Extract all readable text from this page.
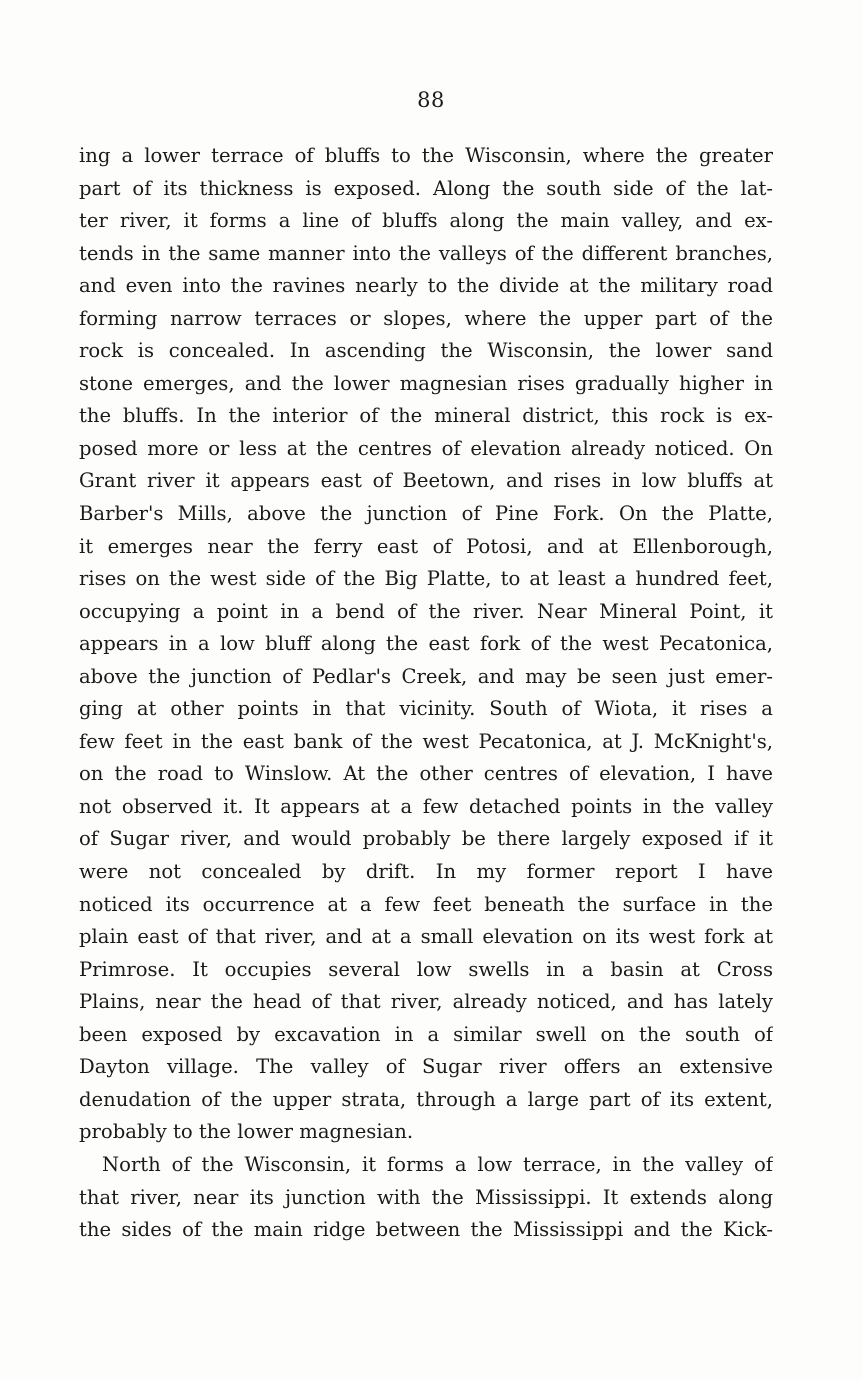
88
ing a lower terrace of bluffs to the Wisconsin, where the greater
part of its thickness is exposed. Along the south side of the lat-
ter river, it forms a line of bluffs along the main valley, and ex-
tends in the same manner into the valleys of the different branches,
and even into the ravines nearly to the divide at the military road
forming narrow terraces or slopes, where the upper part of the
rock is concealed. In ascending the Wisconsin, the lower sand
stone emerges, and the lower magnesian rises gradually higher in
the bluffs. In the interior of the mineral district, this rock is ex-
posed more or less at the centres of elevation already noticed. On
Grant river it appears east of Beetown, and rises in low bluffs at
Barber's Mills, above the junction of Pine Fork. On the Platte,
it emerges near the ferry east of Potosi, and at Ellenborough,
rises on the west side of the Big Platte, to at least a hundred feet,
occupying a point in a bend of the river. Near Mineral Point, it
appears in a low bluff along the east fork of the west Pecatonica,
above the junction of Pedlar's Creek, and may be seen just emer-
ging at other points in that vicinity. South of Wiota, it rises a
few feet in the east bank of the west Pecatonica, at J. McKnight's,
on the road to Winslow. At the other centres of elevation, I have
not observed it. It appears at a few detached points in the valley
of Sugar river, and would probably be there largely exposed if it
were not concealed by drift. In my former report I have
noticed its occurrence at a few feet beneath the surface in the
plain east of that river, and at a small elevation on its west fork at
Primrose. It occupies several low swells in a basin at Cross
Plains, near the head of that river, already noticed, and has lately
been exposed by excavation in a similar swell on the south of
Dayton village. The valley of Sugar river offers an extensive
denudation of the upper strata, through a large part of its extent,
probably to the lower magnesian.
North of the Wisconsin, it forms a low terrace, in the valley of
that river, near its junction with the Mississippi. It extends along
the sides of the main ridge between the Mississippi and the Kick-
